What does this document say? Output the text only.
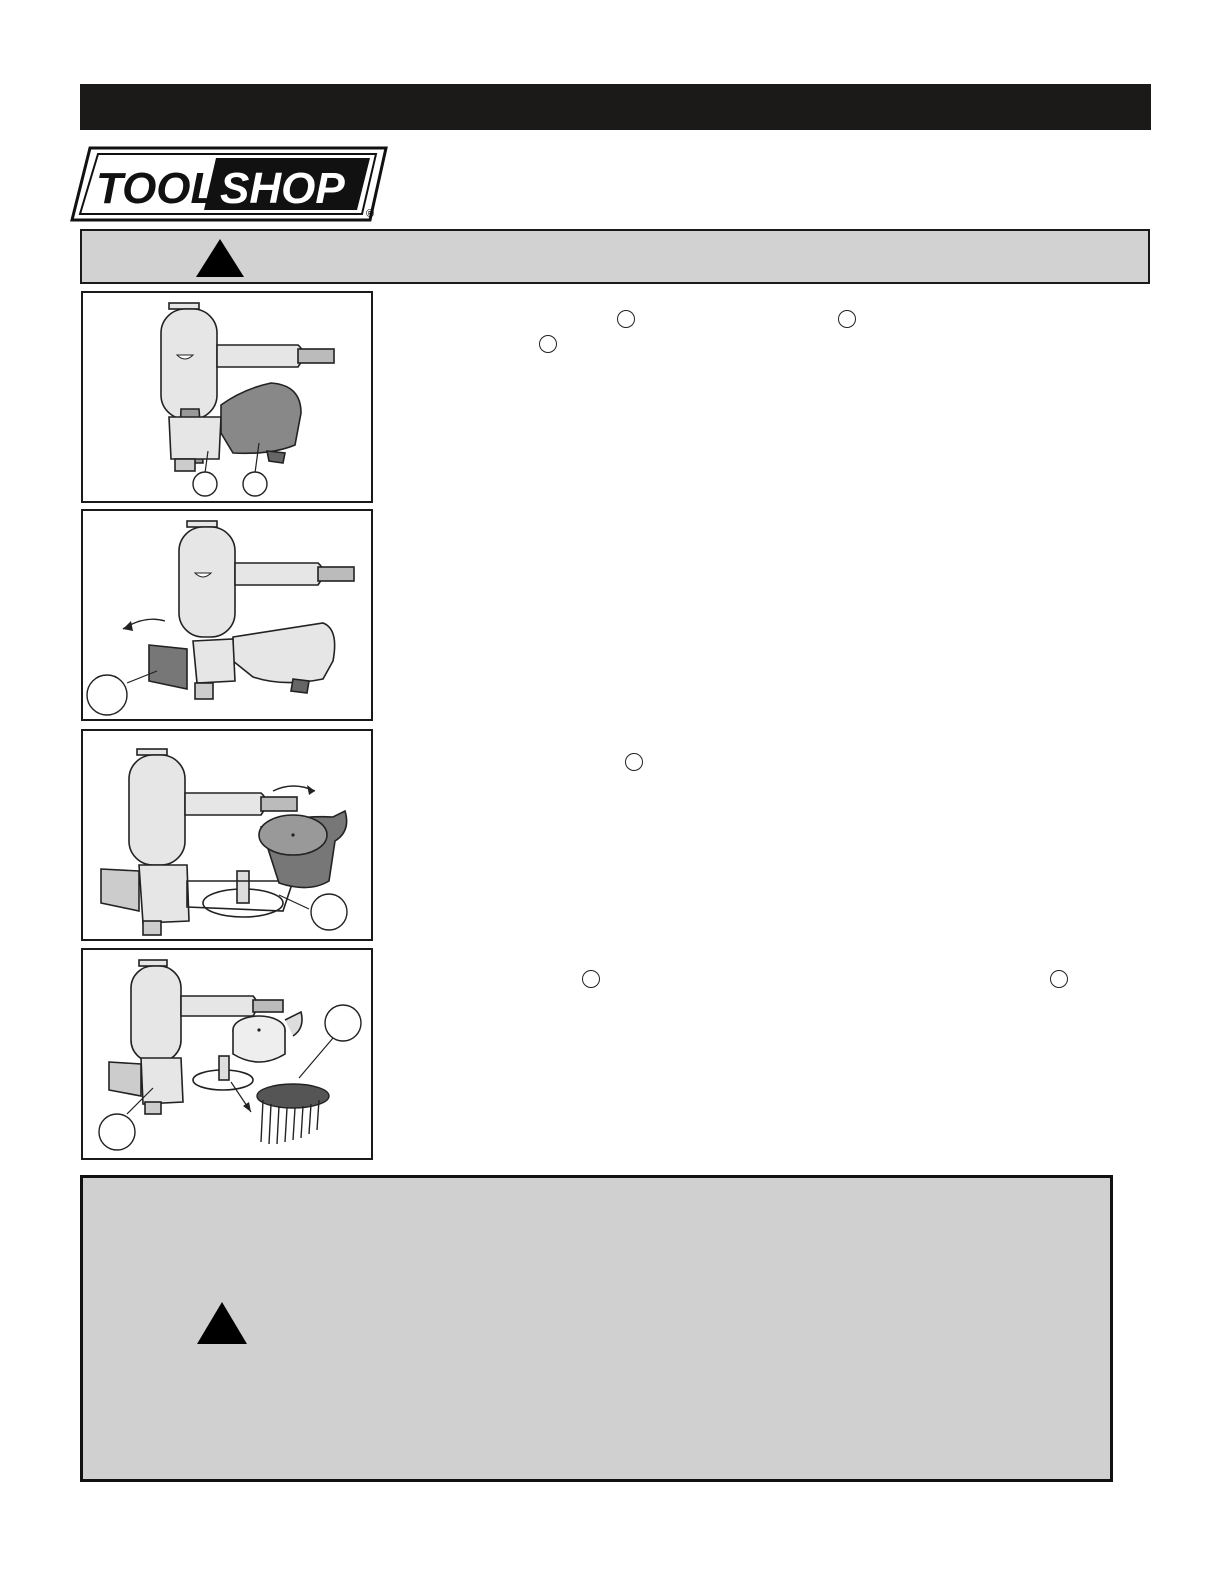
TOOL SHOP
®
